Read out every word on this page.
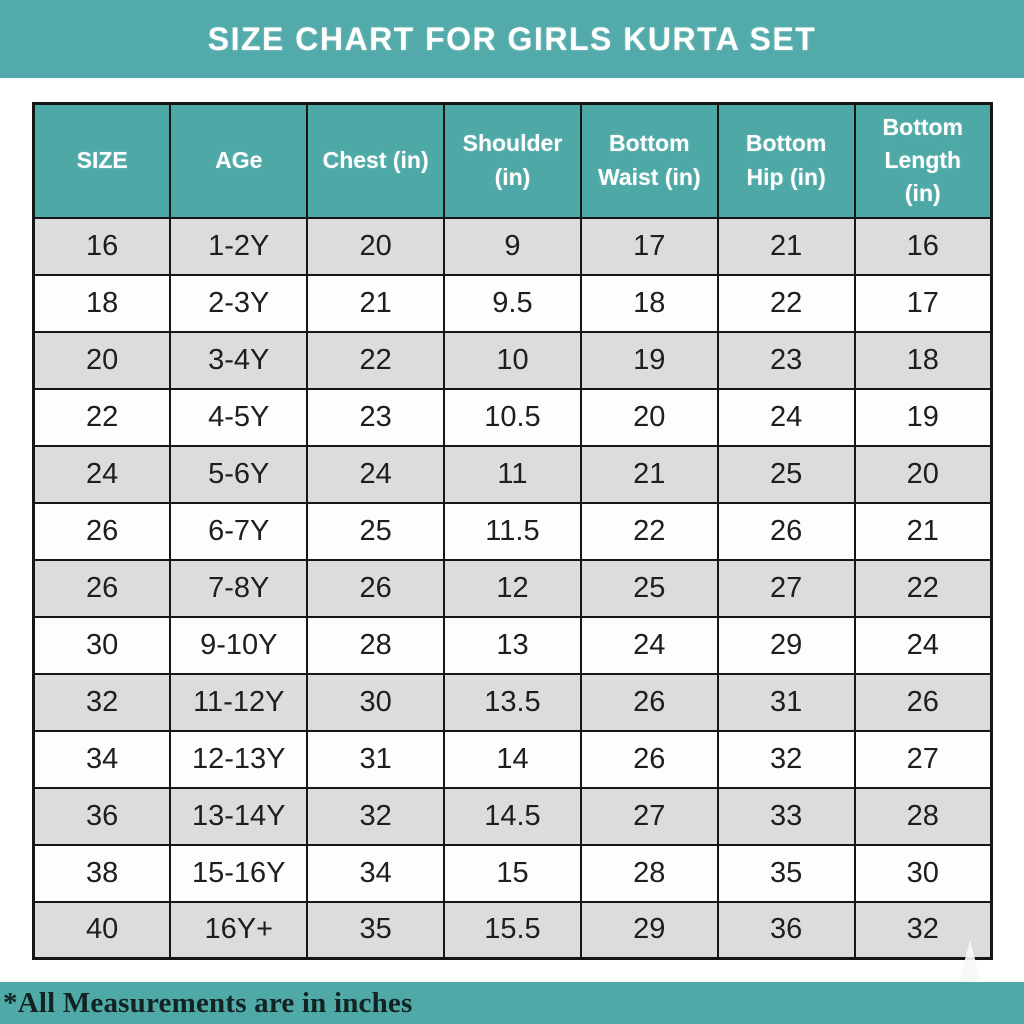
SIZE CHART FOR GIRLS KURTA SET
SIZE	AGe	Chest (in)	Shoulder (in)	Bottom Waist (in)	Bottom Hip (in)	Bottom Length (in)
16	1-2Y	20	9	17	21	16
18	2-3Y	21	9.5	18	22	17
20	3-4Y	22	10	19	23	18
22	4-5Y	23	10.5	20	24	19
24	5-6Y	24	11	21	25	20
26	6-7Y	25	11.5	22	26	21
26	7-8Y	26	12	25	27	22
30	9-10Y	28	13	24	29	24
32	11-12Y	30	13.5	26	31	26
34	12-13Y	31	14	26	32	27
36	13-14Y	32	14.5	27	33	28
38	15-16Y	34	15	28	35	30
40	16Y+	35	15.5	29	36	32
*All Measurements are in inches
